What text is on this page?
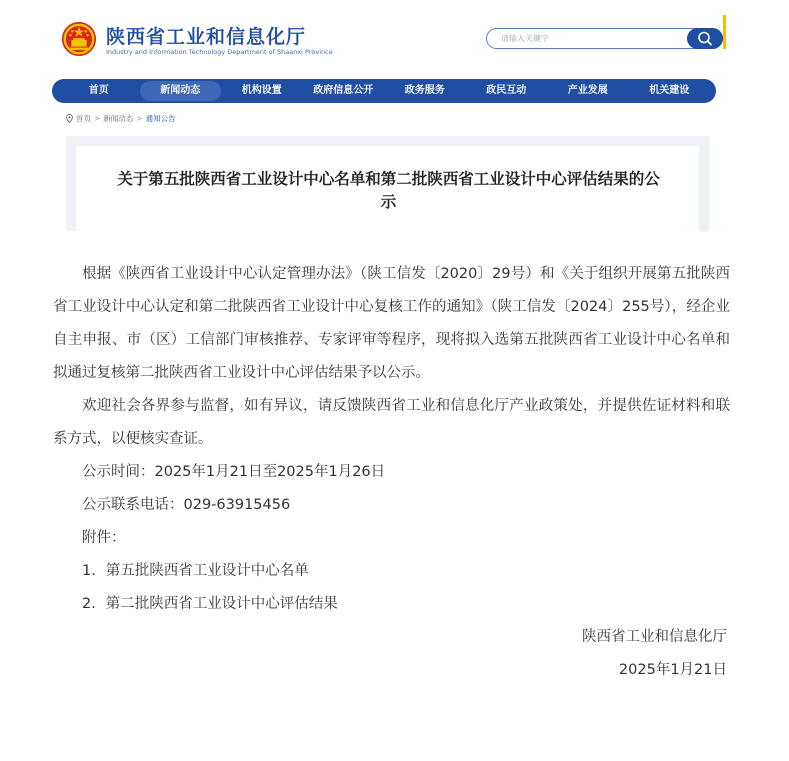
陕西省工业和信息化厅
Industry and Information Technology Department of Shaanxi Province
请输入关键字
首页	新闻动态	机构设置	政府信息公开	政务服务	政民互动	产业发展	机关建设
首页 > 新闻动态 > 通知公告
关于第五批陕西省工业设计中心名单和第二批陕西省工业设计中心评估结果的公示

根据《陕西省工业设计中心认定管理办法》（陕工信发〔2020〕29号）和《关于组织开展第五批陕西省工业设计中心认定和第二批陕西省工业设计中心复核工作的通知》（陕工信发〔2024〕255号），经企业自主申报、市（区）工信部门审核推荐、专家评审等程序，现将拟入选第五批陕西省工业设计中心名单和拟通过复核第二批陕西省工业设计中心评估结果予以公示。

欢迎社会各界参与监督，如有异议，请反馈陕西省工业和信息化厅产业政策处，并提供佐证材料和联系方式，以便核实查证。

公示时间：2025年1月21日至2025年1月26日

公示联系电话：029-63915456

附件：

1．第五批陕西省工业设计中心名单

2．第二批陕西省工业设计中心评估结果

陕西省工业和信息化厅

2025年1月21日
